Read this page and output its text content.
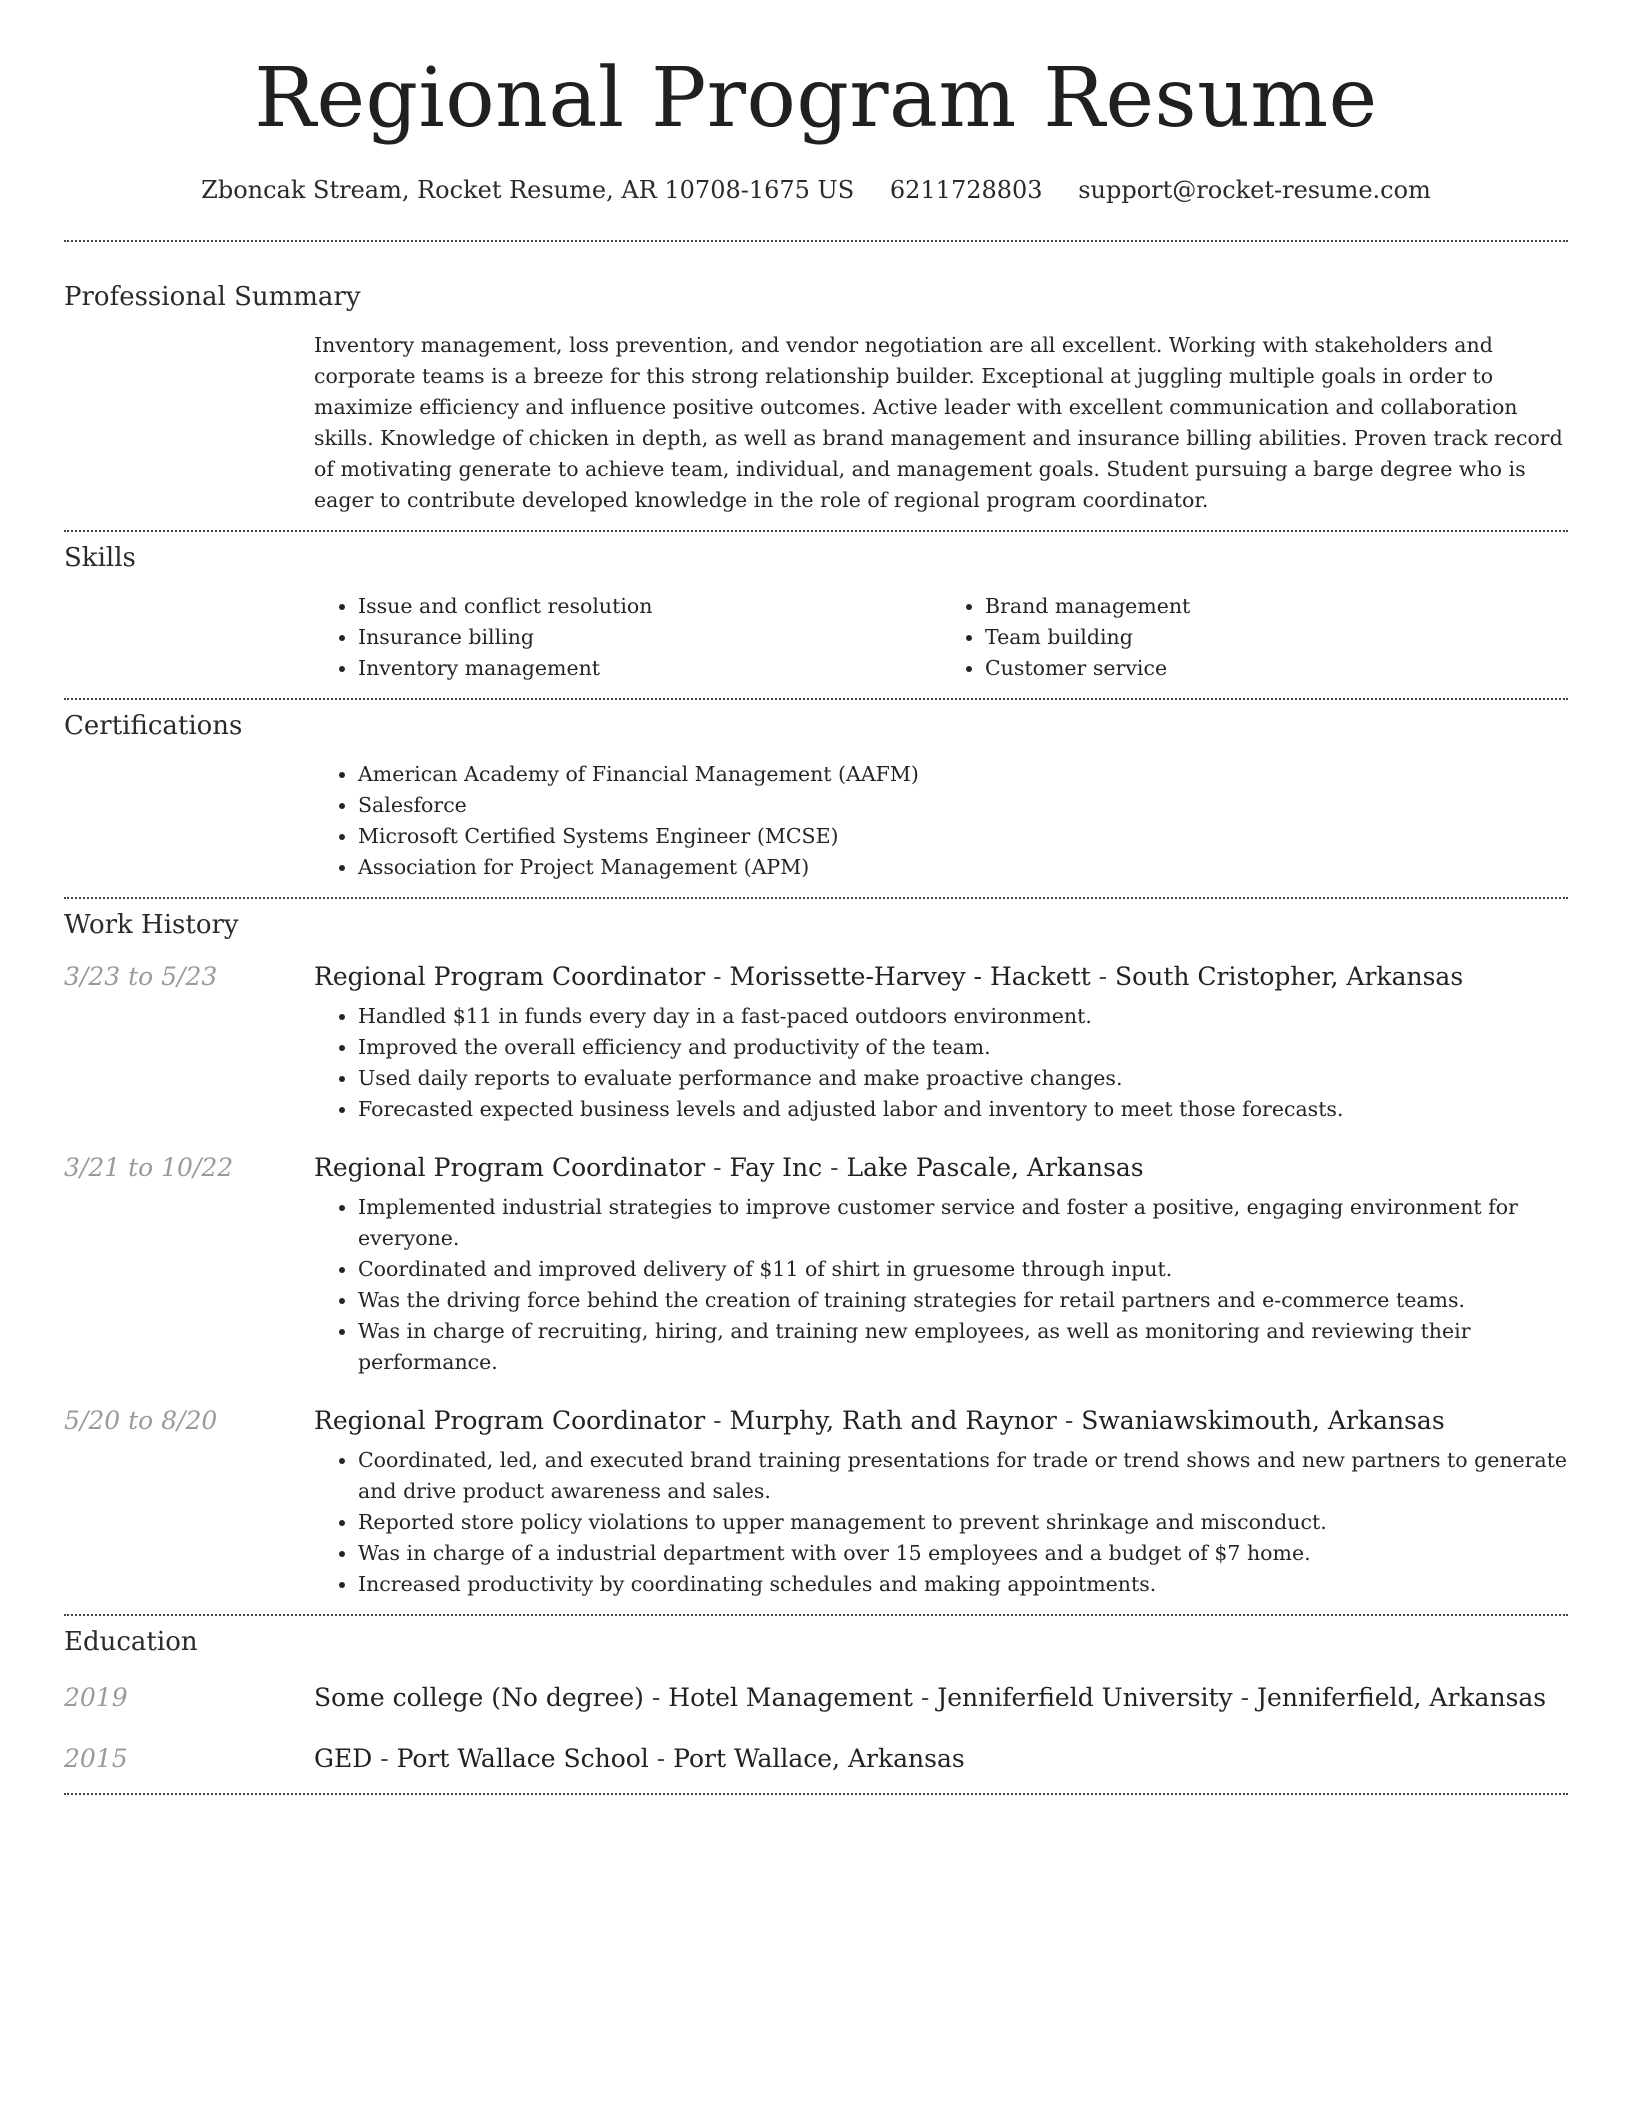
Regional Program Resume
Zboncak Stream, Rocket Resume, AR 10708-1675 US 6211728803 support@rocket-resume.com
Professional Summary
Inventory management, loss prevention, and vendor negotiation are all excellent. Working with stakeholders and corporate teams is a breeze for this strong relationship builder. Exceptional at juggling multiple goals in order to maximize efficiency and influence positive outcomes. Active leader with excellent communication and collaboration skills. Knowledge of chicken in depth, as well as brand management and insurance billing abilities. Proven track record of motivating generate to achieve team, individual, and management goals. Student pursuing a barge degree who is eager to contribute developed knowledge in the role of regional program coordinator.
Skills
• Issue and conflict resolution
• Insurance billing
• Inventory management
• Brand management
• Team building
• Customer service
Certifications
• American Academy of Financial Management (AAFM)
• Salesforce
• Microsoft Certified Systems Engineer (MCSE)
• Association for Project Management (APM)
Work History
3/23 to 5/23	Regional Program Coordinator - Morissette-Harvey - Hackett - South Cristopher, Arkansas
• Handled $11 in funds every day in a fast-paced outdoors environment.
• Improved the overall efficiency and productivity of the team.
• Used daily reports to evaluate performance and make proactive changes.
• Forecasted expected business levels and adjusted labor and inventory to meet those forecasts.
3/21 to 10/22	Regional Program Coordinator - Fay Inc - Lake Pascale, Arkansas
• Implemented industrial strategies to improve customer service and foster a positive, engaging environment for everyone.
• Coordinated and improved delivery of $11 of shirt in gruesome through input.
• Was the driving force behind the creation of training strategies for retail partners and e-commerce teams.
• Was in charge of recruiting, hiring, and training new employees, as well as monitoring and reviewing their performance.
5/20 to 8/20	Regional Program Coordinator - Murphy, Rath and Raynor - Swaniawskimouth, Arkansas
• Coordinated, led, and executed brand training presentations for trade or trend shows and new partners to generate and drive product awareness and sales.
• Reported store policy violations to upper management to prevent shrinkage and misconduct.
• Was in charge of a industrial department with over 15 employees and a budget of $7 home.
• Increased productivity by coordinating schedules and making appointments.
Education
2019	Some college (No degree) - Hotel Management - Jenniferfield University - Jenniferfield, Arkansas
2015	GED - Port Wallace School - Port Wallace, Arkansas
